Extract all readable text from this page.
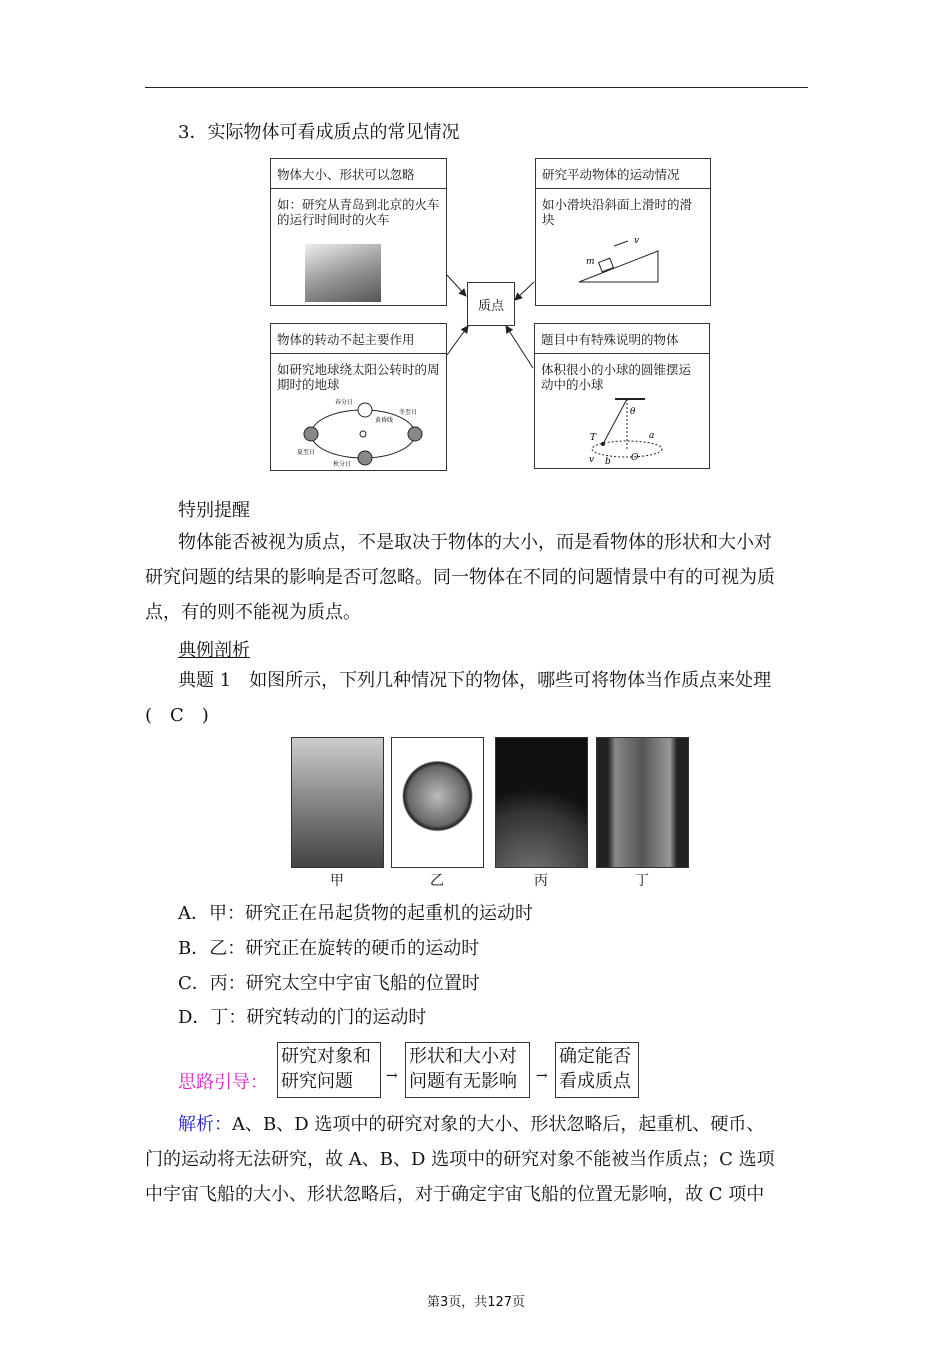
3．实际物体可看成质点的常见情况
质点
物体大小、形状可以忽略
如：研究从青岛到北京的火车的运行时间时的火车
研究平动物体的运动情况
如小滑块沿斜面上滑时的滑块
m
v
物体的转动不起主要作用
如研究地球绕太阳公转时的周期时的地球
春分日
黄昏线
冬至日
夏至日
秋分日
题目中有特殊说明的物体
体积很小的小球的圆锥摆运动中的小球
θ
T	a
O
v b
特别提醒
物体能否被视为质点，不是取决于物体的大小，而是看物体的形状和大小对
研究问题的结果的影响是否可忽略。同一物体在不同的问题情景中有的可视为质
点，有的则不能视为质点。
典例剖析
典题 1　 如图所示，下列几种情况下的物体，哪些可将物体当作质点来处理
(　C　)
甲	乙	丙	丁
A．甲：研究正在吊起货物的起重机的运动时
B．乙：研究正在旋转的硬币的运动时
C．丙：研究太空中宇宙飞船的位置时
D．丁：研究转动的门的运动时
思路引导：
研究对象和
研究问题	→
形状和大小对
问题有无影响	→
确定能否
看成质点
解析：A、B、D 选项中的研究对象的大小、形状忽略后，起重机、硬币、
门的运动将无法研究，故 A、B、D 选项中的研究对象不能被当作质点；C 选项
中宇宙飞船的大小、形状忽略后，对于确定宇宙飞船的位置无影响，故 C 项中
第3页，共127页
